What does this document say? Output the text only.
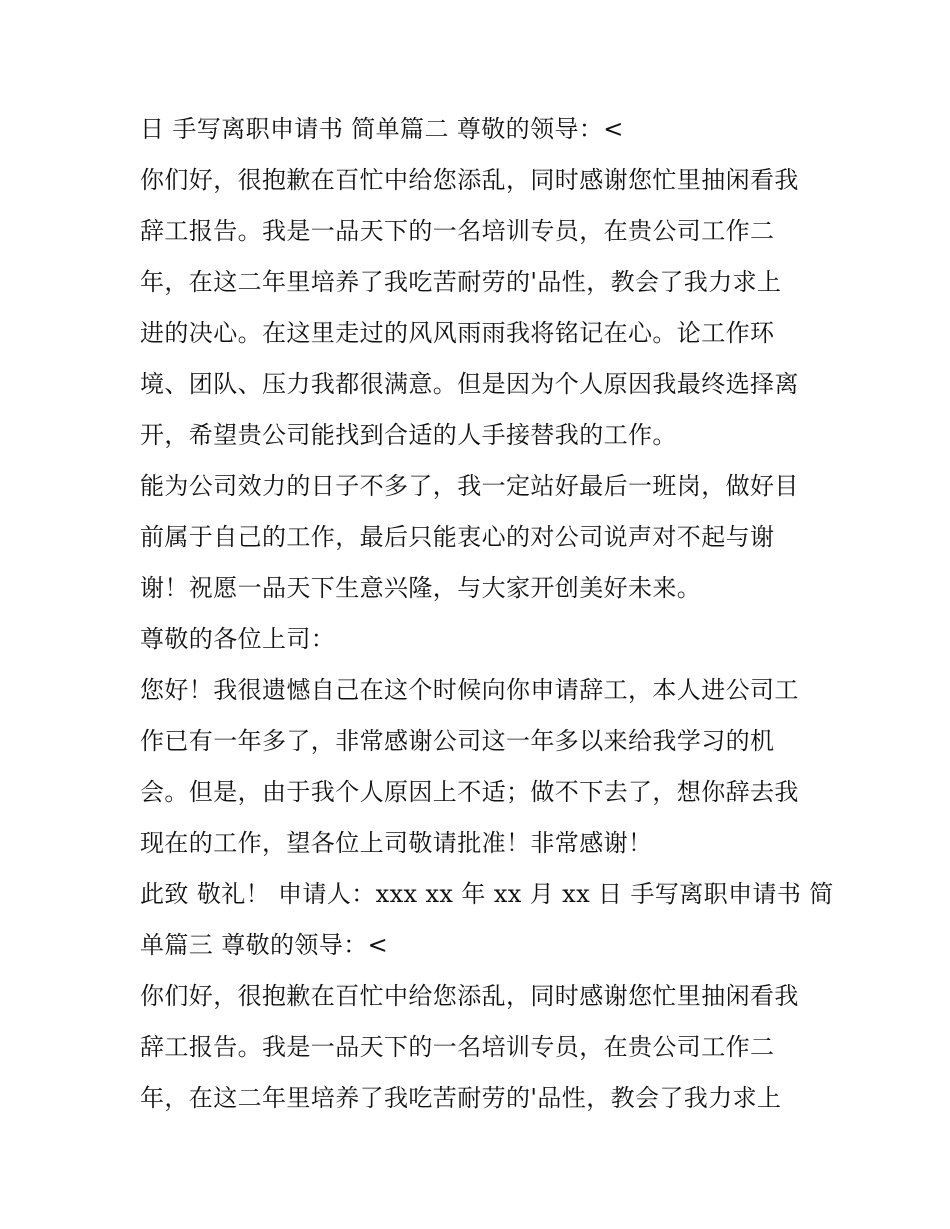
日 手写离职申请书 简单篇二 尊敬的领导：<
你们好，很抱歉在百忙中给您添乱，同时感谢您忙里抽闲看我
辞工报告。我是一品天下的一名培训专员，在贵公司工作二
年，在这二年里培养了我吃苦耐劳的'品性，教会了我力求上
进的决心。在这里走过的风风雨雨我将铭记在心。论工作环
境、团队、压力我都很满意。但是因为个人原因我最终选择离
开，希望贵公司能找到合适的人手接替我的工作。
能为公司效力的日子不多了，我一定站好最后一班岗，做好目
前属于自己的工作，最后只能衷心的对公司说声对不起与谢
谢！祝愿一品天下生意兴隆，与大家开创美好未来。
尊敬的各位上司：
您好！我很遗憾自己在这个时候向你申请辞工，本人进公司工
作已有一年多了，非常感谢公司这一年多以来给我学习的机
会。但是，由于我个人原因上不适；做不下去了，想你辞去我
现在的工作，望各位上司敬请批准！非常感谢！
此致 敬礼！ 申请人：xxx xx 年 xx 月 xx 日 手写离职申请书 简
单篇三 尊敬的领导：<
你们好，很抱歉在百忙中给您添乱，同时感谢您忙里抽闲看我
辞工报告。我是一品天下的一名培训专员，在贵公司工作二
年，在这二年里培养了我吃苦耐劳的'品性，教会了我力求上
